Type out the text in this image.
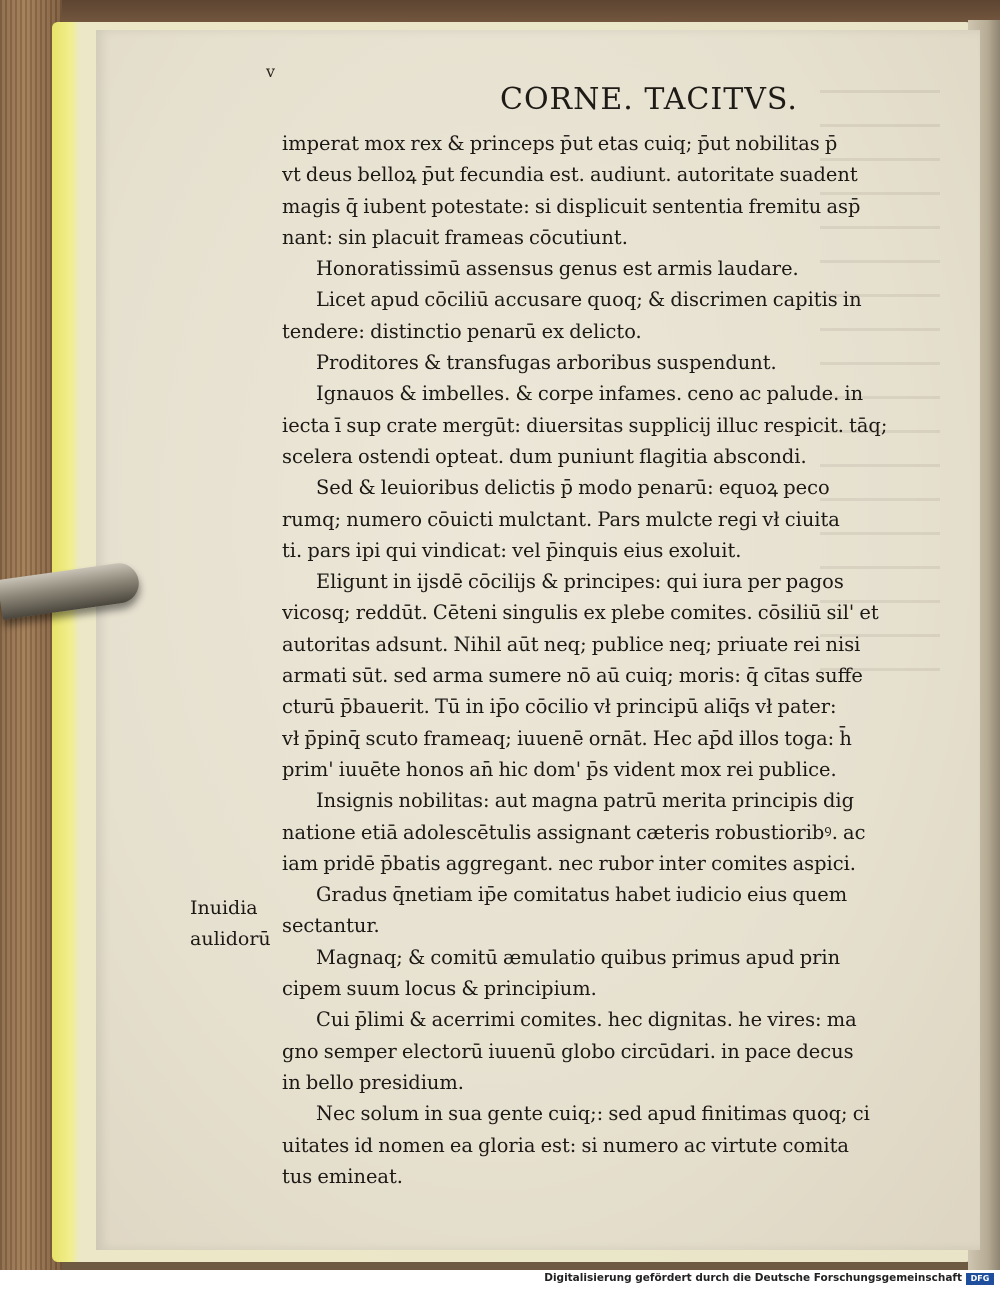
v
CORNE. TACITVS.
imperat mox rex & princeps p̄ut etas cuiq; p̄ut nobilitas p̄
vt deus belloꝝ p̄ut fecundia est. audiunt. autoritate suadent
magis q̄ iubent potestate: si displicuit sententia fremitu asp̄
nant: sin placuit frameas cōcutiunt.
Honoratissimū assensus genus est armis laudare.
Licet apud cōciliū accusare quoq; & discrimen capitis in
tendere: distinctio penarū ex delicto.
Proditores & transfugas arboribus suspendunt.
Ignauos & imbelles. & corpe infames. ceno ac palude. in
iecta ī sup crate mergūt: diuersitas supplicij illuc respicit. tāq;
scelera ostendi opteat. dum puniunt flagitia abscondi.
Sed & leuioribus delictis p̄ modo penarū: equoꝝ peco
rumq; numero cōuicti mulctant. Pars mulcte regi vł ciuita
ti. pars ipi qui vindicat: vel p̄inquis eius exoluit.
Eligunt in ijsdē cōcilijs & principes: qui iura per pagos
vicosq; reddūt. Cēteni singulis ex plebe comites. cōsiliū sil' et
autoritas adsunt. Nihil aūt neq; publice neq; priuate rei nisi
armati sūt. sed arma sumere nō aū cuiq; moris: q̄ cītas suffe
cturū p̄bauerit. Tū in ip̄o cōcilio vł principū aliq̄s vł pater:
vł p̄pinq̄ scuto frameaq; iuuenē ornāt. Hec ap̄d illos toga: h̄
prim' iuuēte honos an̄ hic dom' p̄s vident mox rei publice.
Insignis nobilitas: aut magna patrū merita principis dig
natione etiā adolescētulis assignant cæteris robustioribꝰ. ac
iam pridē p̄batis aggregant. nec rubor inter comites aspici.
Gradus q̄netiam ip̄e comitatus habet iudicio eius quem
sectantur.
Magnaq; & comitū æmulatio quibus primus apud prin
cipem suum locus & principium.
Cui p̄limi & acerrimi comites. hec dignitas. he vires: ma
gno semper electorū iuuenū globo circūdari. in pace decus
in bello presidium.
Nec solum in sua gente cuiq;: sed apud finitimas quoq; ci
uitates id nomen ea gloria est: si numero ac virtute comita
tus emineat.
Inuidia
aulidorū
Digitalisierung gefördert durch die Deutsche Forschungsgemeinschaft	DFG
